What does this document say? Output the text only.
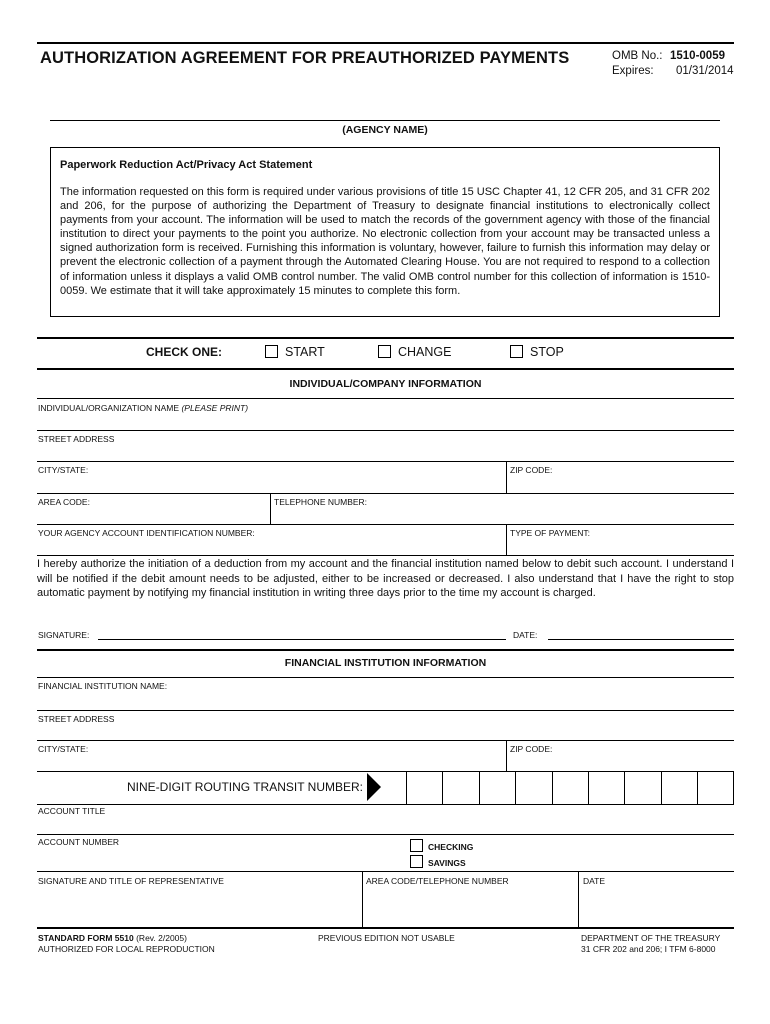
AUTHORIZATION AGREEMENT FOR PREAUTHORIZED PAYMENTS	OMB No.: 1510-0059
Expires:	01/31/2014
(AGENCY NAME)
Paperwork Reduction Act/Privacy Act Statement
The information requested on this form is required under various provisions of title 15 USC Chapter 41, 12 CFR 205, and 31 CFR 202 and 206, for the purpose of authorizing the Department of Treasury to designate financial institutions to electronically collect payments from your account. The information will be used to match the records of the government agency with those of the financial institution to direct your payments to the point you authorize. No electronic collection from your account may be transacted unless a signed authorization form is received. Furnishing this information is voluntary, however, failure to furnish this information may delay or prevent the electronic collection of a payment through the Automated Clearing House. You are not required to respond to a collection of information unless it displays a valid OMB control number. The valid OMB control number for this collection of information is 1510-0059. We estimate that it will take approximately 15 minutes to complete this form.
CHECK ONE:	START	CHANGE	STOP
INDIVIDUAL/COMPANY INFORMATION
INDIVIDUAL/ORGANIZATION NAME (PLEASE PRINT)
STREET ADDRESS
CITY/STATE:	ZIP CODE:
AREA CODE:	TELEPHONE NUMBER:
YOUR AGENCY ACCOUNT IDENTIFICATION NUMBER:	TYPE OF PAYMENT:
I hereby authorize the initiation of a deduction from my account and the financial institution named below to debit such account. I understand I will be notified if the debit amount needs to be adjusted, either to be increased or decreased. I also understand that I have the right to stop automatic payment by notifying my financial institution in writing three days prior to the time my account is charged.
SIGNATURE:	DATE:
FINANCIAL INSTITUTION INFORMATION
FINANCIAL INSTITUTION NAME:
STREET ADDRESS
CITY/STATE:	ZIP CODE:
NINE-DIGIT ROUTING TRANSIT NUMBER:
ACCOUNT TITLE
ACCOUNT NUMBER	CHECKING
SAVINGS
SIGNATURE AND TITLE OF REPRESENTATIVE	AREA CODE/TELEPHONE NUMBER	DATE
STANDARD FORM 5510 (Rev. 2/2005)
AUTHORIZED FOR LOCAL REPRODUCTION
PREVIOUS EDITION NOT USABLE	DEPARTMENT OF THE TREASURY
31 CFR 202 and 206; I TFM 6-8000
